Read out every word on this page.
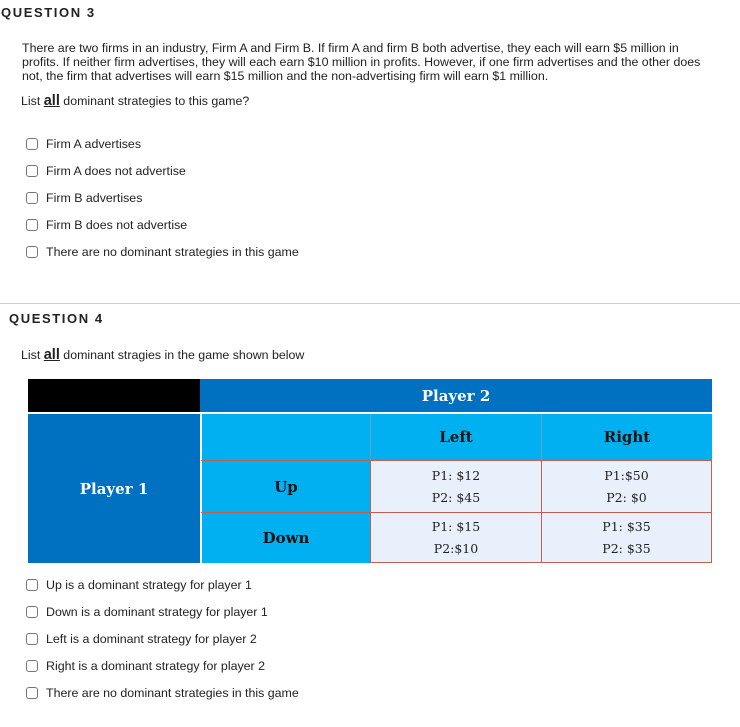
QUESTION 3
There are two firms in an industry, Firm A and Firm B. If firm A and firm B both advertise, they each will earn $5 million in
profits. If neither firm advertises, they will each earn $10 million in profits. However, if one firm advertises and the other does
not, the firm that advertises will earn $15 million and the non-advertising firm will earn $1 million.
List all dominant strategies to this game?
Firm A advertises
Firm A does not advertise
Firm B advertises
Firm B does not advertise
There are no dominant strategies in this game
QUESTION 4
List all dominant stragies in the game shown below
Player 2
Player 1
Left	Right
Up
P1: $12
P2: $45
P1:$50
P2: $0
Down
P1: $15
P2:$10
P1: $35
P2: $35
Up is a dominant strategy for player 1
Down is a dominant strategy for player 1
Left is a dominant strategy for player 2
Right is a dominant strategy for player 2
There are no dominant strategies in this game
